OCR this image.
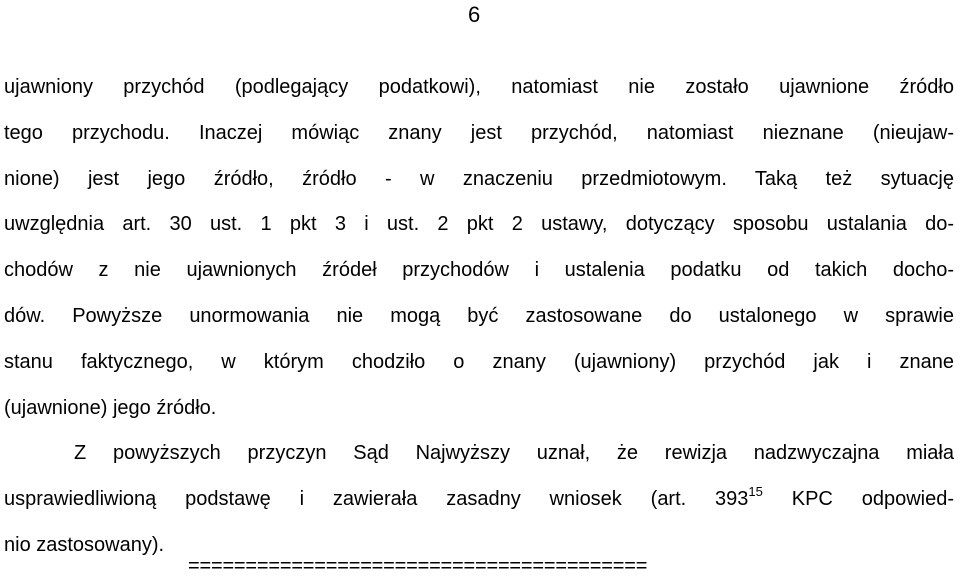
6
ujawniony przychód (podlegający podatkowi), natomiast nie zostało ujawnione źródło
tego przychodu. Inaczej mówiąc znany jest przychód, natomiast nieznane (nieujaw-
nione) jest jego źródło, źródło - w znaczeniu przedmiotowym. Taką też sytuację
uwzględnia art. 30 ust. 1 pkt 3 i ust. 2 pkt 2 ustawy, dotyczący sposobu ustalania do-
chodów z nie ujawnionych źródeł przychodów i ustalenia podatku od takich docho-
dów. Powyższe unormowania nie mogą być zastosowane do ustalonego w sprawie
stanu faktycznego, w którym chodziło o znany (ujawniony) przychód jak i znane
(ujawnione) jego źródło.
Z powyższych przyczyn Sąd Najwyższy uznał, że rewizja nadzwyczajna miała
usprawiedliwioną podstawę i zawierała zasadny wniosek (art. $393^{15}$ KPC odpowied-
nio zastosowany).
========================================
